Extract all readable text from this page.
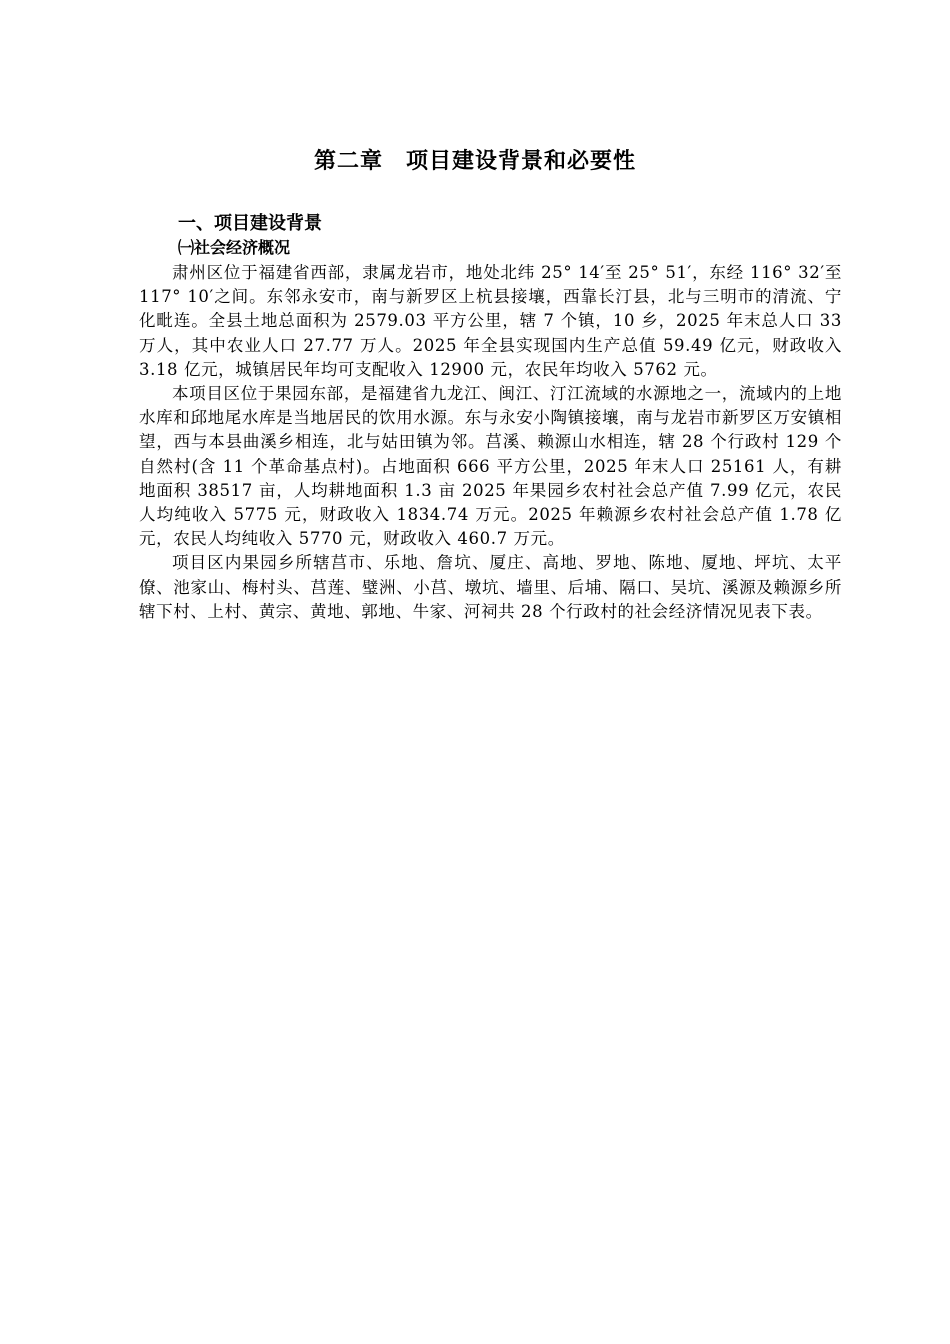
第二章　项目建设背景和必要性
一、项目建设背景
㈠社会经济概况

肃州区位于福建省西部，隶属龙岩市，地处北纬 25° 14′至 25° 51′，东经 116° 32′至 117° 10′之间。东邻永安市，南与新罗区上杭县接壤，西靠长汀县，北与三明市的清流、宁化毗连。全县土地总面积为 2579.03 平方公里，辖 7 个镇，10 乡，2025 年末总人口 33 万人，其中农业人口 27.77 万人。2025 年全县实现国内生产总值 59.49 亿元，财政收入 3.18 亿元，城镇居民年均可支配收入 12900 元，农民年均收入 5762 元。

本项目区位于果园东部，是福建省九龙江、闽江、汀江流域的水源地之一，流域内的上地水库和邱地尾水库是当地居民的饮用水源。东与永安小陶镇接壤，南与龙岩市新罗区万安镇相望，西与本县曲溪乡相连，北与姑田镇为邻。莒溪、赖源山水相连，辖 28 个行政村 129 个自然村(含 11 个革命基点村)。占地面积 666 平方公里，2025 年末人口 25161 人，有耕地面积 38517 亩，人均耕地面积 1.3 亩 2025 年果园乡农村社会总产值 7.99 亿元，农民人均纯收入 5775 元，财政收入 1834.74 万元。2025 年赖源乡农村社会总产值 1.78 亿元，农民人均纯收入 5770 元，财政收入 460.7 万元。

项目区内果园乡所辖莒市、乐地、詹坑、厦庄、高地、罗地、陈地、厦地、坪坑、太平僚、池家山、梅村头、莒莲、璧洲、小莒、墩坑、墙里、后埔、隔口、吴坑、溪源及赖源乡所辖下村、上村、黄宗、黄地、郭地、牛家、河祠共 28 个行政村的社会经济情况见表下表。
